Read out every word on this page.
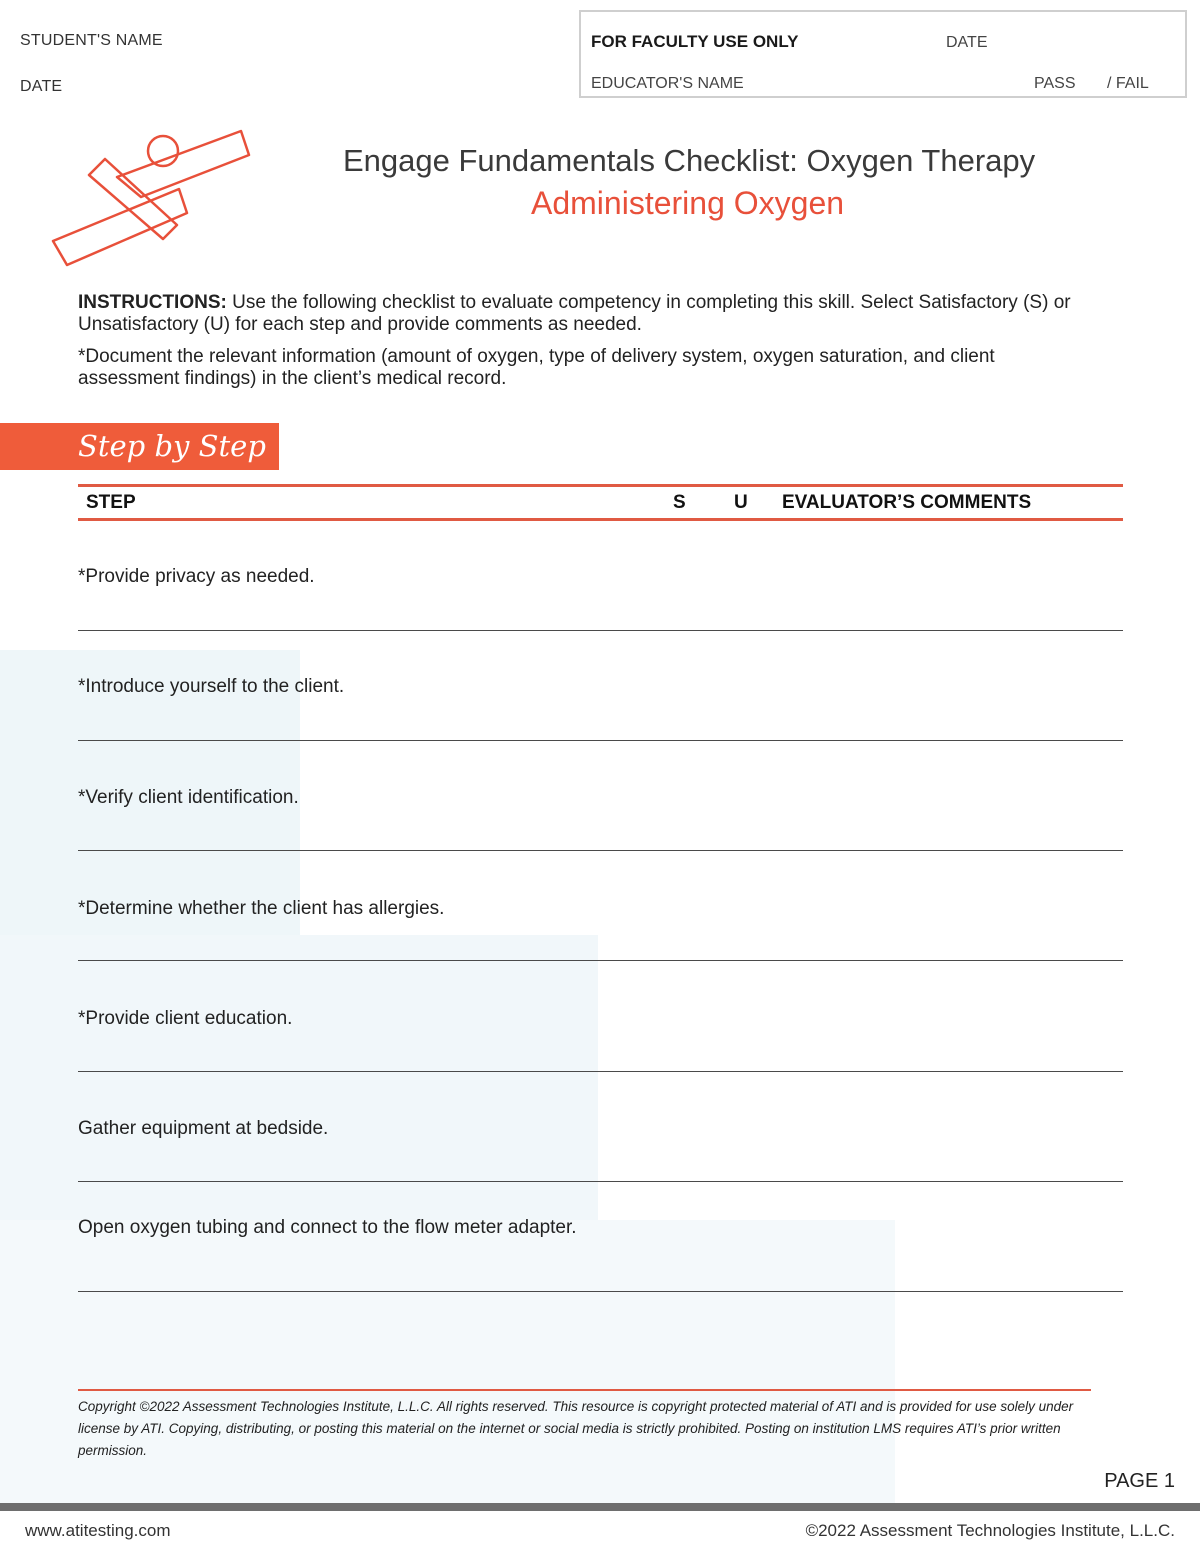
STUDENT'S NAME
DATE
FOR FACULTY USE ONLY	DATE
EDUCATOR'S NAME	PASS / FAIL
Engage Fundamentals Checklist: Oxygen Therapy
Administering Oxygen

INSTRUCTIONS: Use the following checklist to evaluate competency in completing this skill. Select Satisfactory (S) or Unsatisfactory (U) for each step and provide comments as needed.

*Document the relevant information (amount of oxygen, type of delivery system, oxygen saturation, and client assessment findings) in the client’s medical record.

Step by Step
STEP	S	U EVALUATOR’S COMMENTS
*Provide privacy as needed.
*Introduce yourself to the client.
*Verify client identification.
*Determine whether the client has allergies.
*Provide client education.
Gather equipment at bedside.
Open oxygen tubing and connect to the flow meter adapter.
Copyright ©2022 Assessment Technologies Institute, L.L.C. All rights reserved. This resource is copyright protected material of ATI and is provided for use solely under license by ATI. Copying, distributing, or posting this material on the internet or social media is strictly prohibited. Posting on institution LMS requires ATI’s prior written permission.
PAGE 1
www.atitesting.com	©2022 Assessment Technologies Institute, L.L.C.
